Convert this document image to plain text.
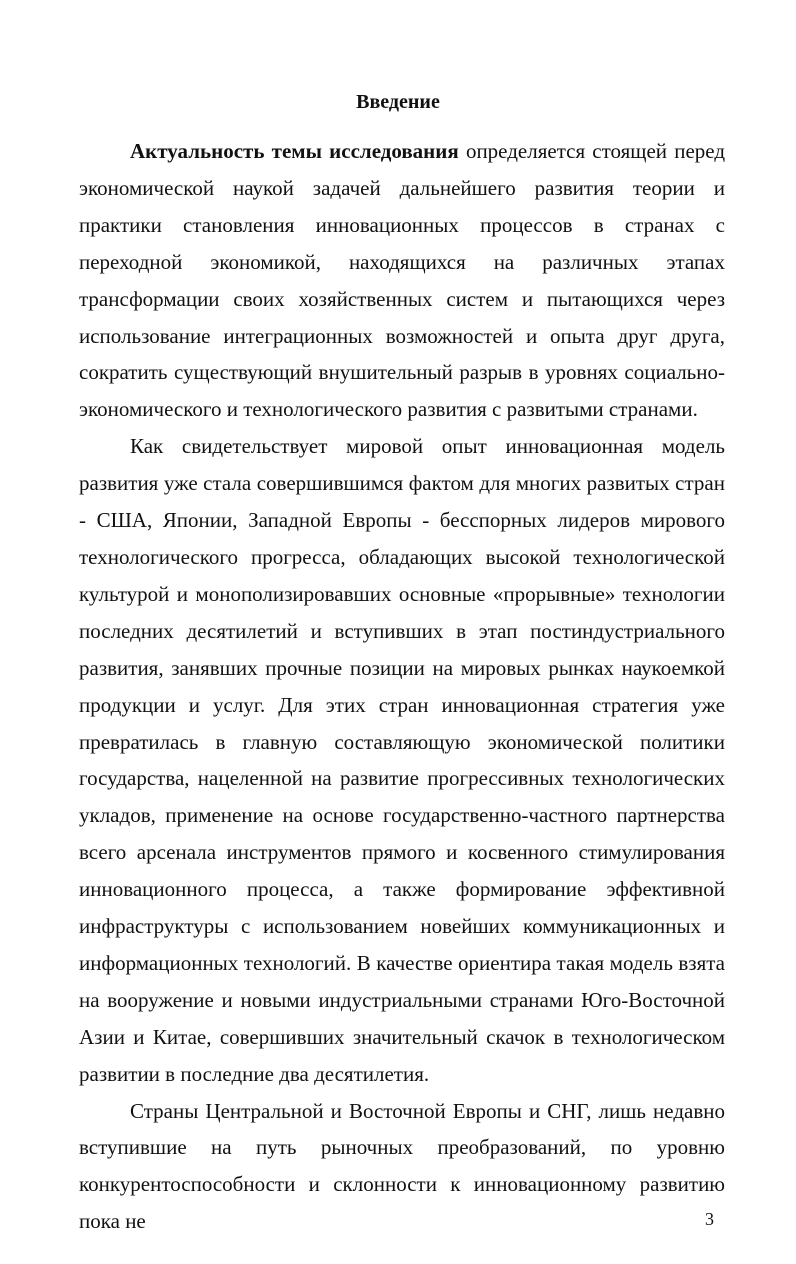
Введение

Актуальность темы исследования определяется стоящей перед экономической наукой задачей дальнейшего развития теории и практики становления инновационных процессов в странах с переходной экономикой, находящихся на различных этапах трансформации своих хозяйственных систем и пытающихся через использование интеграционных возможностей и опыта друг друга, сократить существующий внушительный разрыв в уровнях социально-экономического и технологического развития с развитыми странами.

Как свидетельствует мировой опыт инновационная модель развития уже стала совершившимся фактом для многих развитых стран - США, Японии, Западной Европы - бесспорных лидеров мирового технологического прогресса, обладающих высокой технологической культурой и монополизировавших основные «прорывные» технологии последних десятилетий и вступивших в этап постиндустриального развития, занявших прочные позиции на мировых рынках наукоемкой продукции и услуг. Для этих стран инновационная стратегия уже превратилась в главную составляющую экономической политики государства, нацеленной на развитие прогрессивных технологических укладов, применение на основе государственно-частного партнерства всего арсенала инструментов прямого и косвенного стимулирования инновационного процесса, а также формирование эффективной инфраструктуры с использованием новейших коммуникационных и информационных технологий. В качестве ориентира такая модель взята на вооружение и новыми индустриальными странами Юго-Восточной Азии и Китае, совершивших значительный скачок в технологическом развитии в последние два десятилетия.

Страны Центральной и Восточной Европы и СНГ, лишь недавно вступившие на путь рыночных преобразований, по уровню конкурентоспособности и склонности к инновационному развитию пока не	3
